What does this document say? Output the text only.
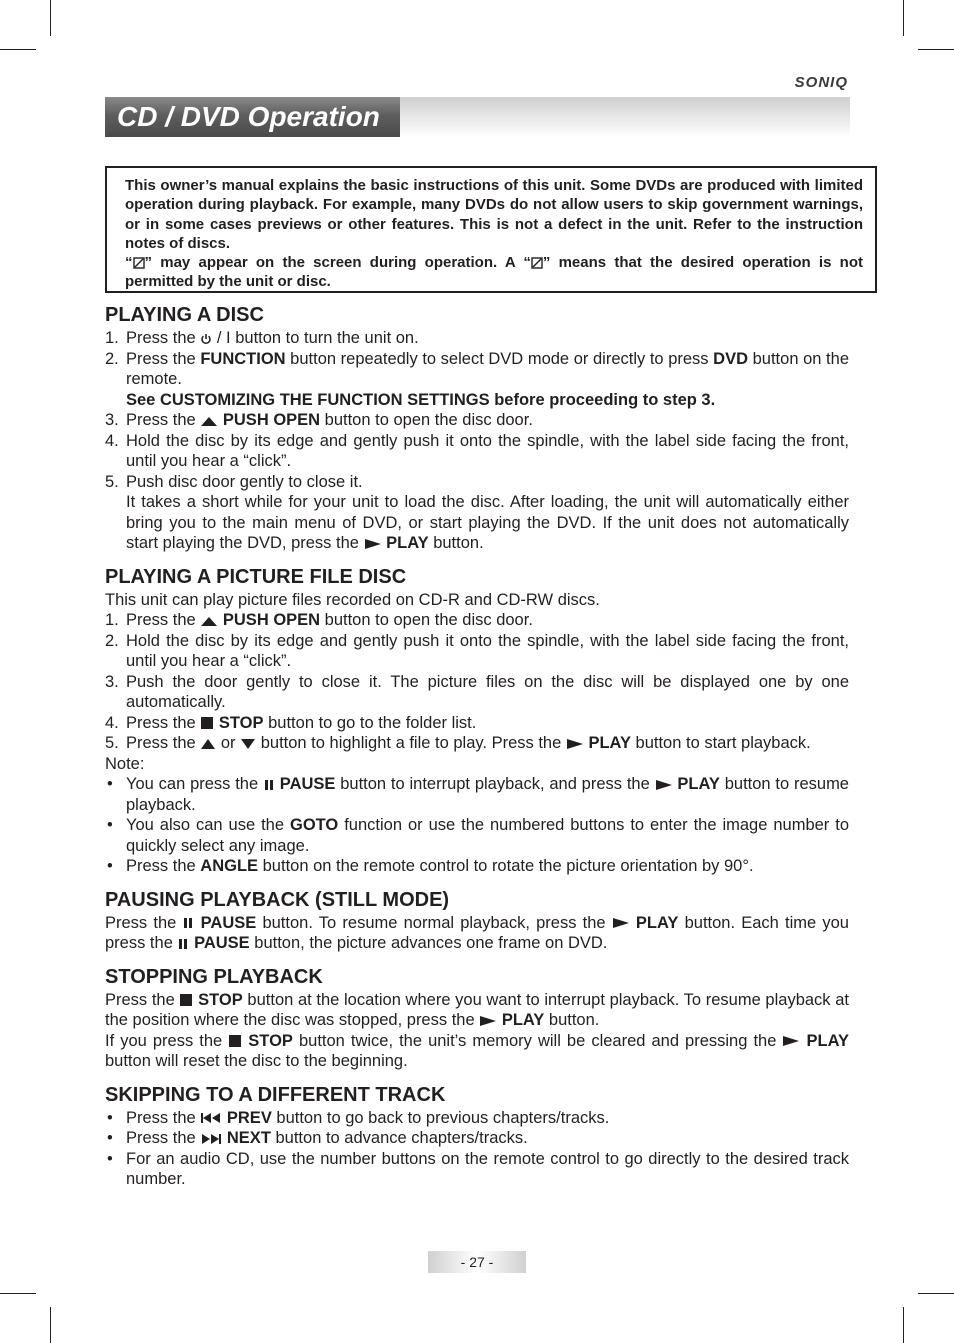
SONIQ
CD / DVD Operation

This owner’s manual explains the basic instructions of this unit. Some DVDs are produced with limited operation during playback. For example, many DVDs do not allow users to skip government warnings, or in some cases previews or other features. This is not a defect in the unit. Refer to the instruction notes of discs.

“ ” may appear on the screen during operation. A “ ” means that the desired operation is not permitted by the unit or disc.

PLAYING A DISC
1. Press the  / I button to turn the unit on.
2. Press the FUNCTION button repeatedly to select DVD mode or directly to press DVD button on the remote.
See CUSTOMIZING THE FUNCTION SETTINGS before proceeding to step 3.
3. Press the  PUSH OPEN button to open the disc door.
4. Hold the disc by its edge and gently push it onto the spindle, with the label side facing the front, until you hear a “click”.
5. Push disc door gently to close it.
It takes a short while for your unit to load the disc. After loading, the unit will automatically either bring you to the main menu of DVD, or start playing the DVD. If the unit does not automatically start playing the DVD, press the  PLAY button.
PLAYING A PICTURE FILE DISC
This unit can play picture files recorded on CD-R and CD-RW discs.
1. Press the  PUSH OPEN button to open the disc door.
2. Hold the disc by its edge and gently push it onto the spindle, with the label side facing the front, until you hear a “click”.
3. Push the door gently to close it. The picture files on the disc will be displayed one by one automatically.
4. Press the  STOP button to go to the folder list.
5. Press the  or  button to highlight a file to play. Press the  PLAY button to start playback.
Note:
• You can press the  PAUSE button to interrupt playback, and press the  PLAY button to resume playback.
• You also can use the GOTO function or use the numbered buttons to enter the image number to quickly select any image.
• Press the ANGLE button on the remote control to rotate the picture orientation by 90°.
PAUSING PLAYBACK (STILL MODE)
Press the  PAUSE button. To resume normal playback, press the  PLAY button. Each time you press the  PAUSE button, the picture advances one frame on DVD.
STOPPING PLAYBACK
Press the  STOP button at the location where you want to interrupt playback. To resume playback at the position where the disc was stopped, press the  PLAY button.
If you press the  STOP button twice, the unit’s memory will be cleared and pressing the  PLAY button will reset the disc to the beginning.
SKIPPING TO A DIFFERENT TRACK
• Press the  PREV button to go back to previous chapters/tracks.
• Press the  NEXT button to advance chapters/tracks.
• For an audio CD, use the number buttons on the remote control to go directly to the desired track number.
- 27 -
